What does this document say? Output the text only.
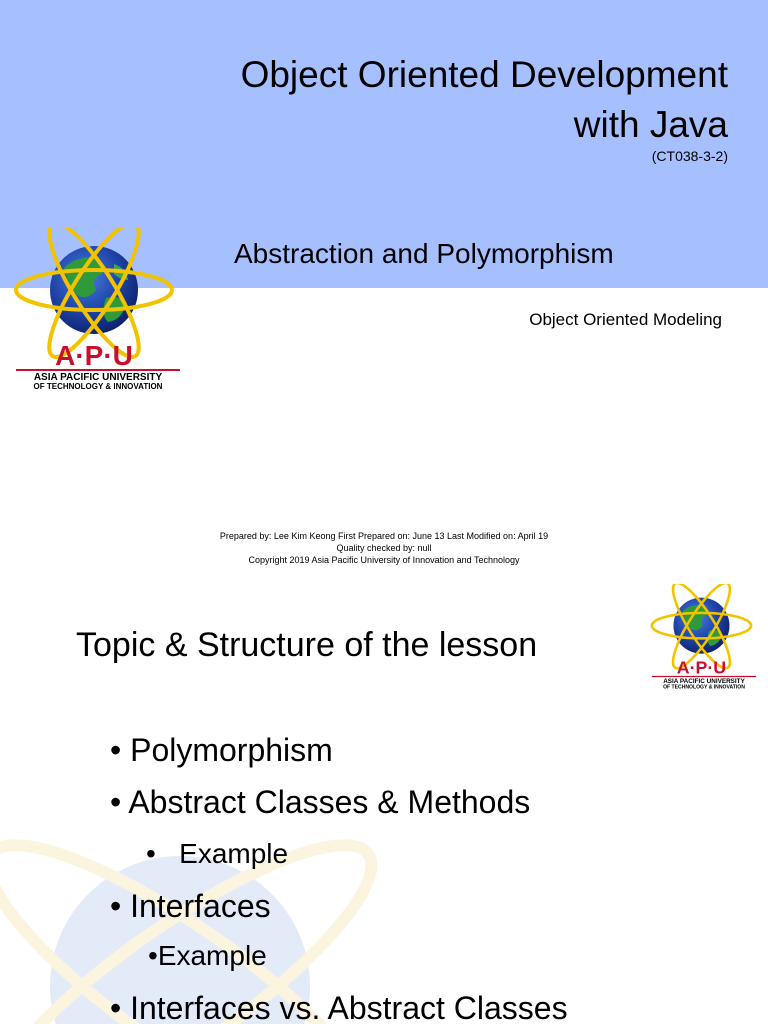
Object Oriented Development
with Java
(CT038-3-2)
Abstraction and Polymorphism
Object Oriented Modeling
A·P·U
ASIA PACIFIC UNIVERSITY
OF TECHNOLOGY & INNOVATION
Prepared by: Lee Kim Keong First Prepared on: June 13 Last Modified on: April 19
Quality checked by: null
Copyright 2019 Asia Pacific University of Innovation and Technology
Topic & Structure of the lesson
A·P·U
ASIA PACIFIC UNIVERSITY
OF TECHNOLOGY & INNOVATION
• Polymorphism
• Abstract Classes & Methods
• Example
• Interfaces
•Example
• Interfaces vs. Abstract Classes
